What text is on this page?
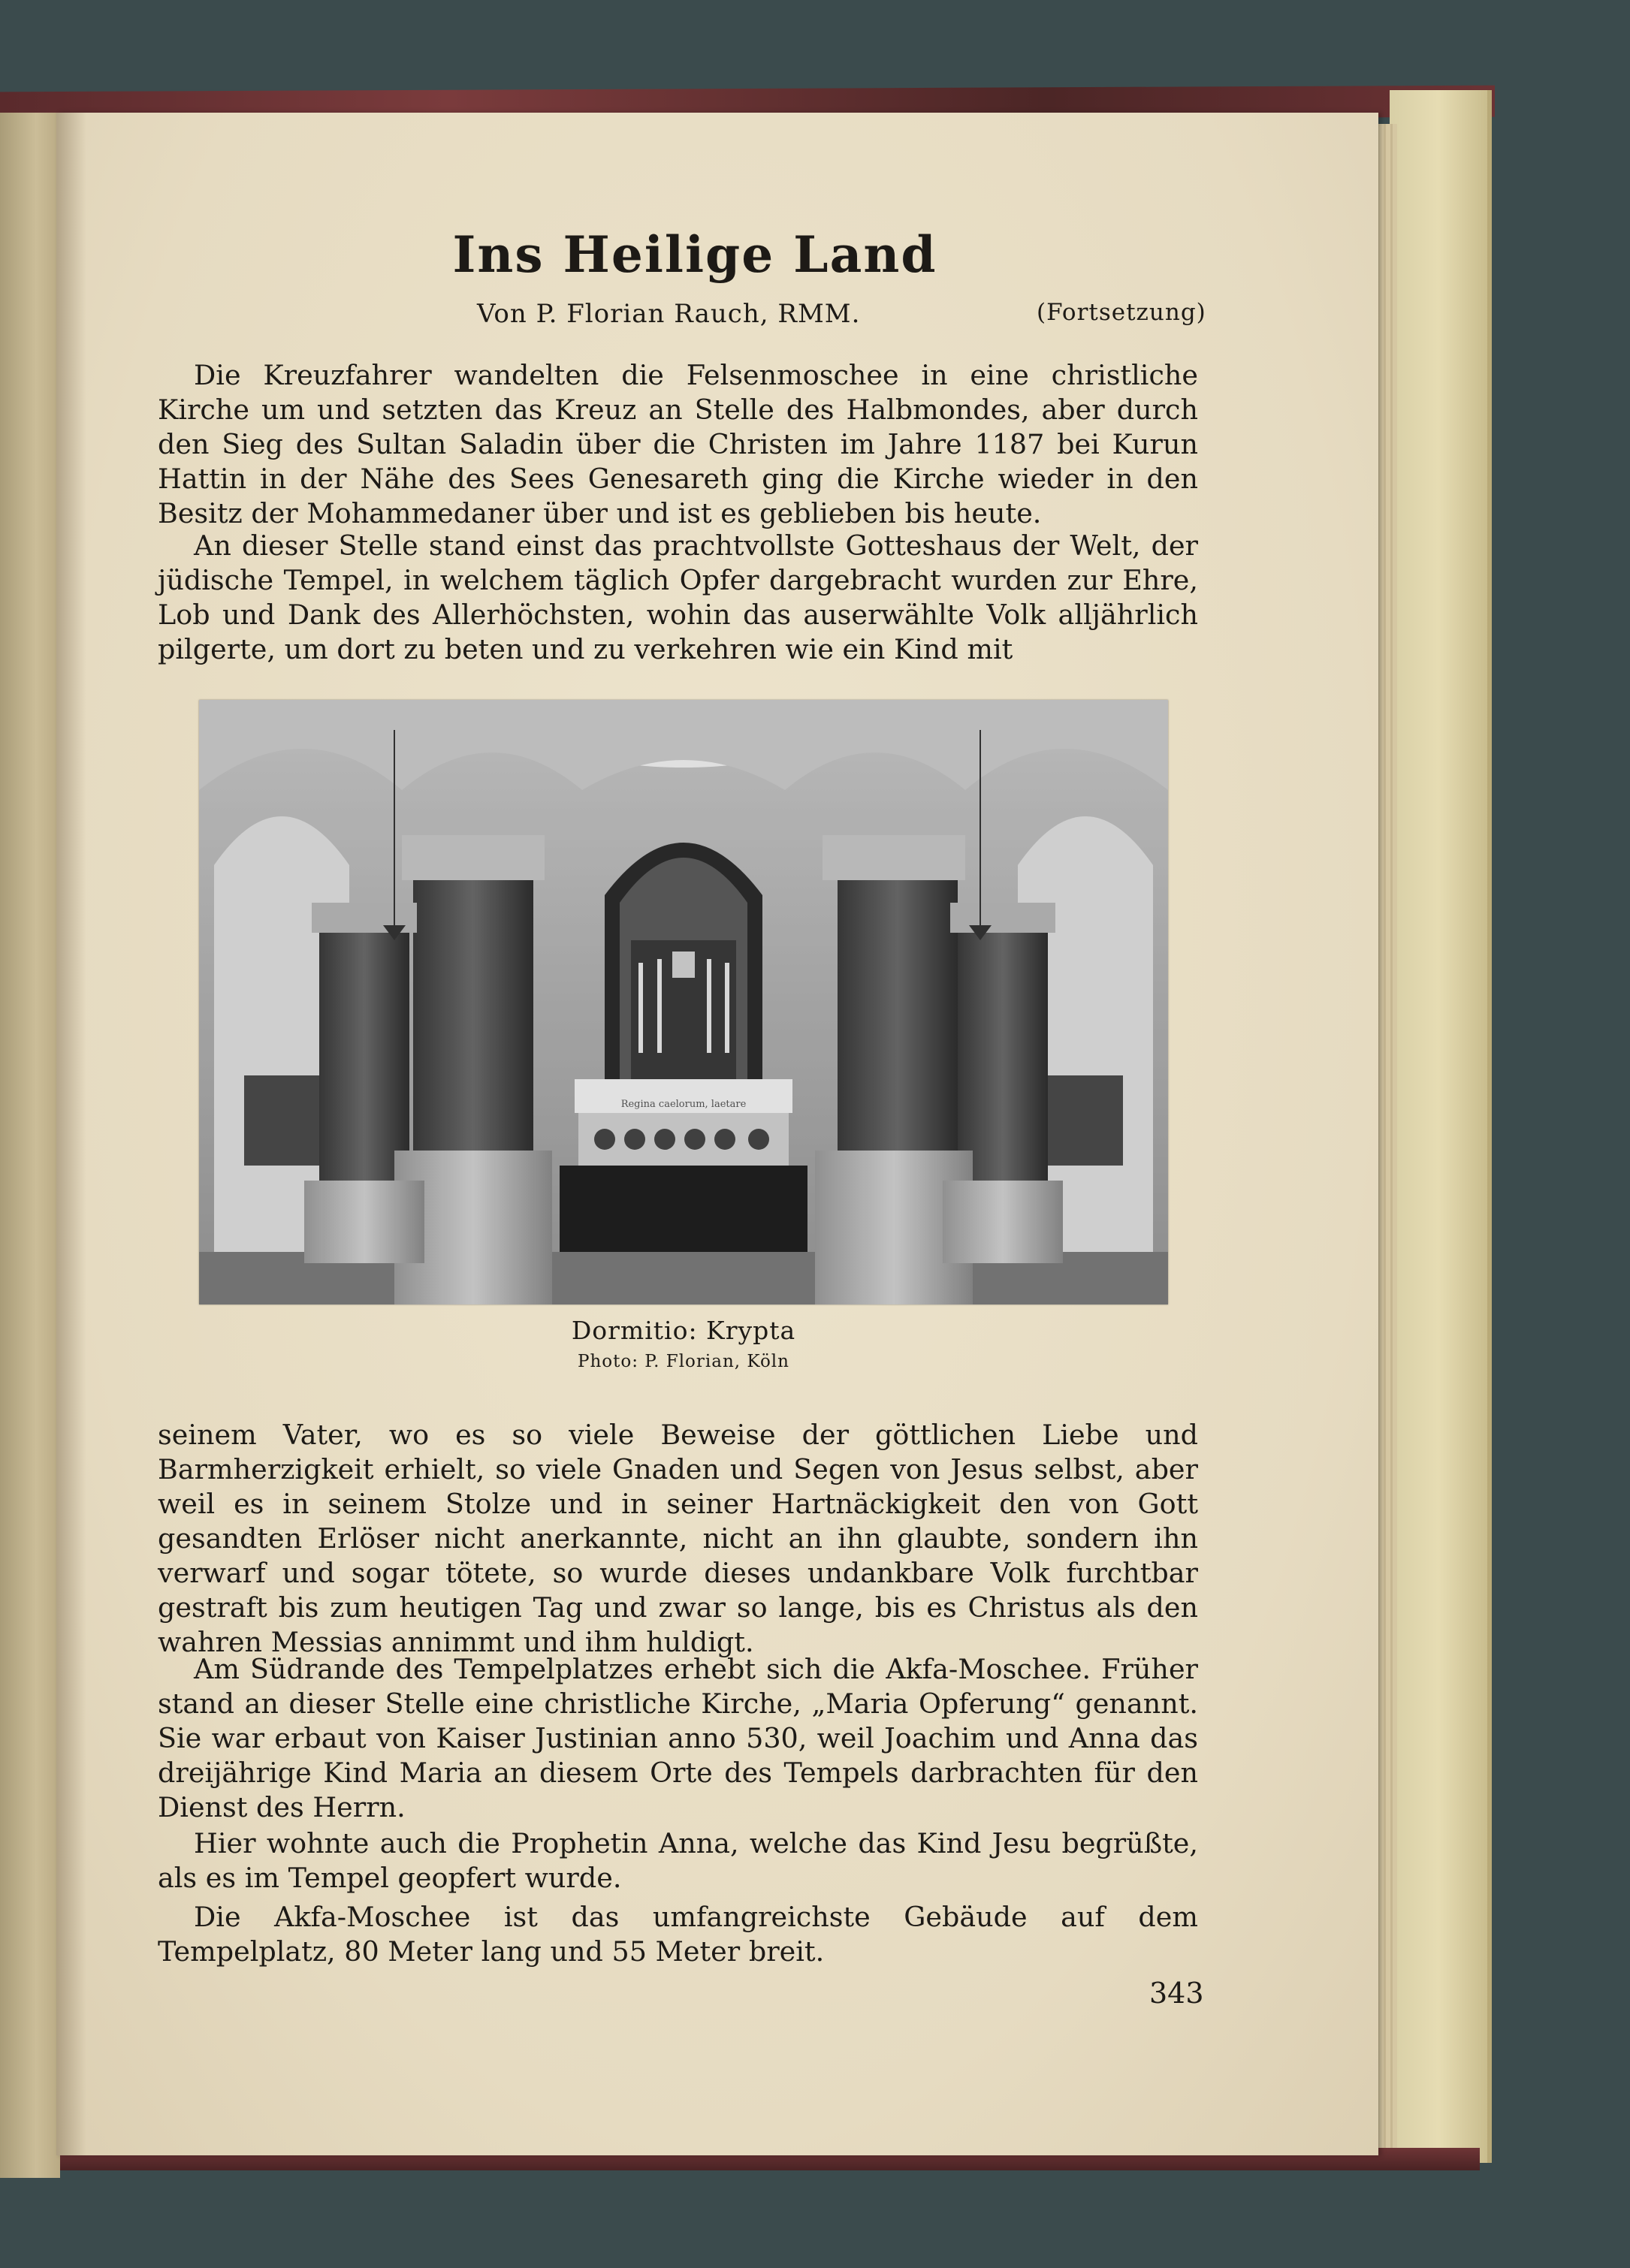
Ins Heilige Land
Von P. Florian Rauch, RMM.	(Fortsetzung)

Die Kreuzfahrer wandelten die Felsenmoschee in eine christliche Kirche um und setzten das Kreuz an Stelle des Halbmondes, aber durch den Sieg des Sultan Saladin über die Christen im Jahre 1187 bei Kurun Hattin in der Nähe des Sees Genesareth ging die Kirche wieder in den Besitz der Mohammedaner über und ist es geblieben bis heute.

An dieser Stelle stand einst das prachtvollste Gotteshaus der Welt, der jüdische Tempel, in welchem täglich Opfer dargebracht wurden zur Ehre, Lob und Dank des Allerhöchsten, wohin das auserwählte Volk alljährlich pilgerte, um dort zu beten und zu verkehren wie ein Kind mit

Regina caelorum, laetare
Dormitio: Krypta
Photo: P. Florian, Köln

seinem Vater, wo es so viele Beweise der göttlichen Liebe und Barmherzigkeit erhielt, so viele Gnaden und Segen von Jesus selbst, aber weil es in seinem Stolze und in seiner Hartnäckigkeit den von Gott gesandten Erlöser nicht anerkannte, nicht an ihn glaubte, sondern ihn verwarf und sogar tötete, so wurde dieses undankbare Volk furchtbar gestraft bis zum heutigen Tag und zwar so lange, bis es Christus als den wahren Messias annimmt und ihm huldigt.

Am Südrande des Tempelplatzes erhebt sich die Akfa-Moschee. Früher stand an dieser Stelle eine christliche Kirche, „Maria Opferung“ genannt. Sie war erbaut von Kaiser Justinian anno 530, weil Joachim und Anna das dreijährige Kind Maria an diesem Orte des Tempels darbrachten für den Dienst des Herrn.

Hier wohnte auch die Prophetin Anna, welche das Kind Jesu begrüßte, als es im Tempel geopfert wurde.

Die Akfa-Moschee ist das umfangreichste Gebäude auf dem Tempelplatz, 80 Meter lang und 55 Meter breit.

343
